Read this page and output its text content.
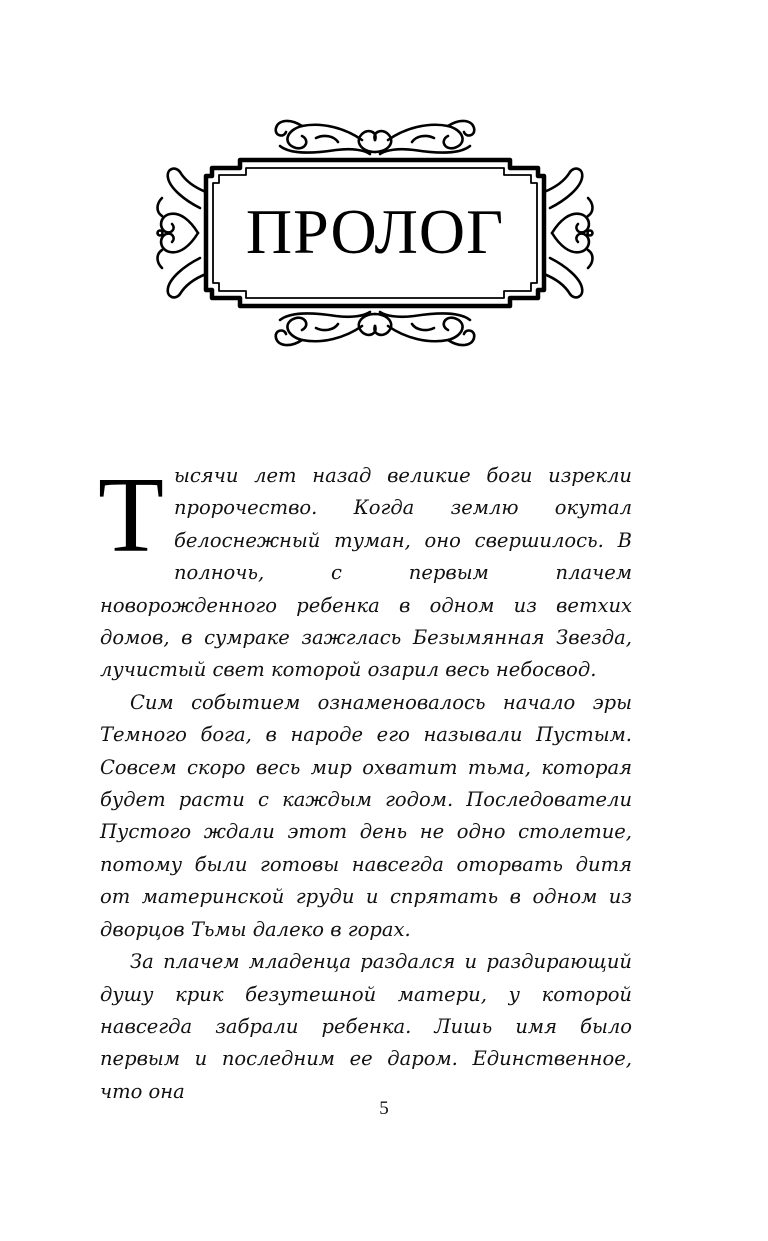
ПРОЛОГ

Тысячи лет назад великие боги изрекли пророчество. Когда землю окутал белоснежный туман, оно свершилось. В полночь, с первым плачем новорожденного ребенка в одном из ветхих домов, в сумраке зажглась Безымянная Звезда, лучистый свет которой озарил весь небосвод.

Сим событием ознаменовалось начало эры Темного бога, в народе его называли Пустым. Совсем скоро весь мир охватит тьма, которая будет расти с каждым годом. Последователи Пустого ждали этот день не одно столетие, потому были готовы навсегда оторвать дитя от материнской груди и спрятать в одном из дворцов Тьмы далеко в горах.

За плачем младенца раздался и раздирающий душу крик безутешной матери, у которой навсегда забрали ребенка. Лишь имя было первым и последним ее даром. Единственное, что она

5
